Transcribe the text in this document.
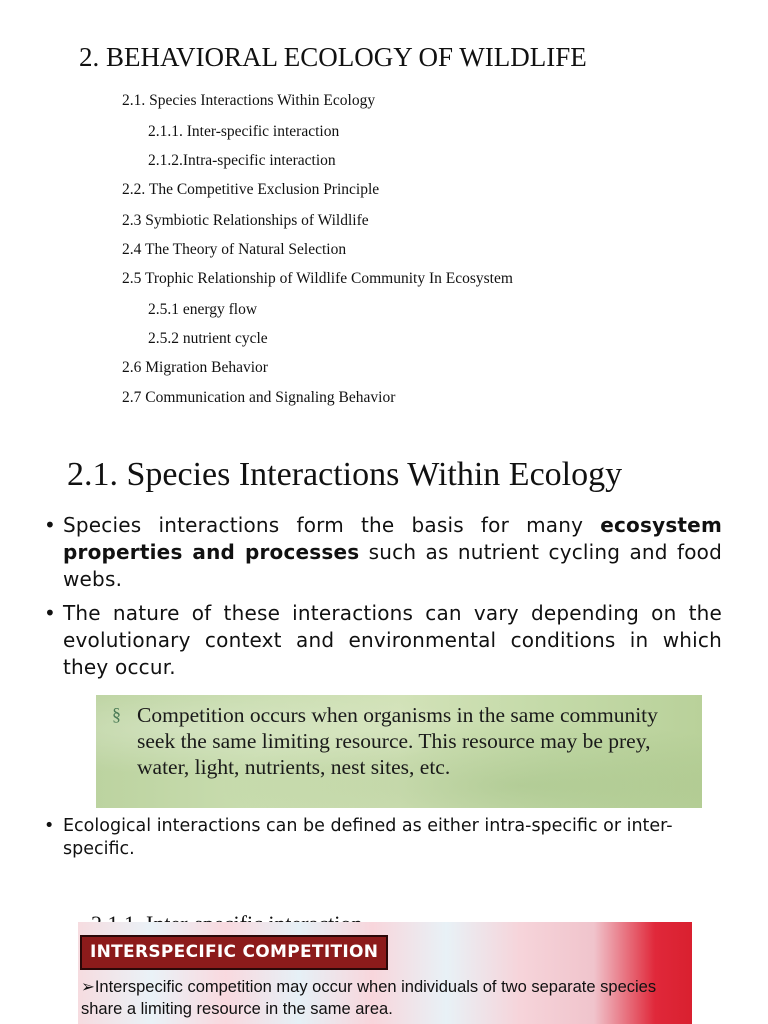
2. BEHAVIORAL ECOLOGY OF WILDLIFE
2.1. Species Interactions Within Ecology
2.1.1. Inter-specific interaction
2.1.2.Intra-specific interaction
2.2. The Competitive Exclusion Principle
2.3 Symbiotic Relationships of Wildlife
2.4 The Theory of Natural Selection
2.5 Trophic Relationship of Wildlife Community In Ecosystem
2.5.1 energy flow
2.5.2 nutrient cycle
2.6 Migration Behavior
2.7 Communication and Signaling Behavior
2.1. Species Interactions Within Ecology
• Species interactions form the basis for many ecosystem properties and processes such as nutrient cycling and food webs.
• The nature of these interactions can vary depending on the evolutionary context and environmental conditions in which they occur.
§ Competition occurs when organisms in the same community seek the same limiting resource. This resource may be prey, water, light, nutrients, nest sites, etc.
• Ecological interactions can be defined as either intra-specific or inter-specific.
INTERSPECIFIC COMPETITION
➢Interspecific competition may occur when individuals of two separate species share a limiting resource in the same area.
